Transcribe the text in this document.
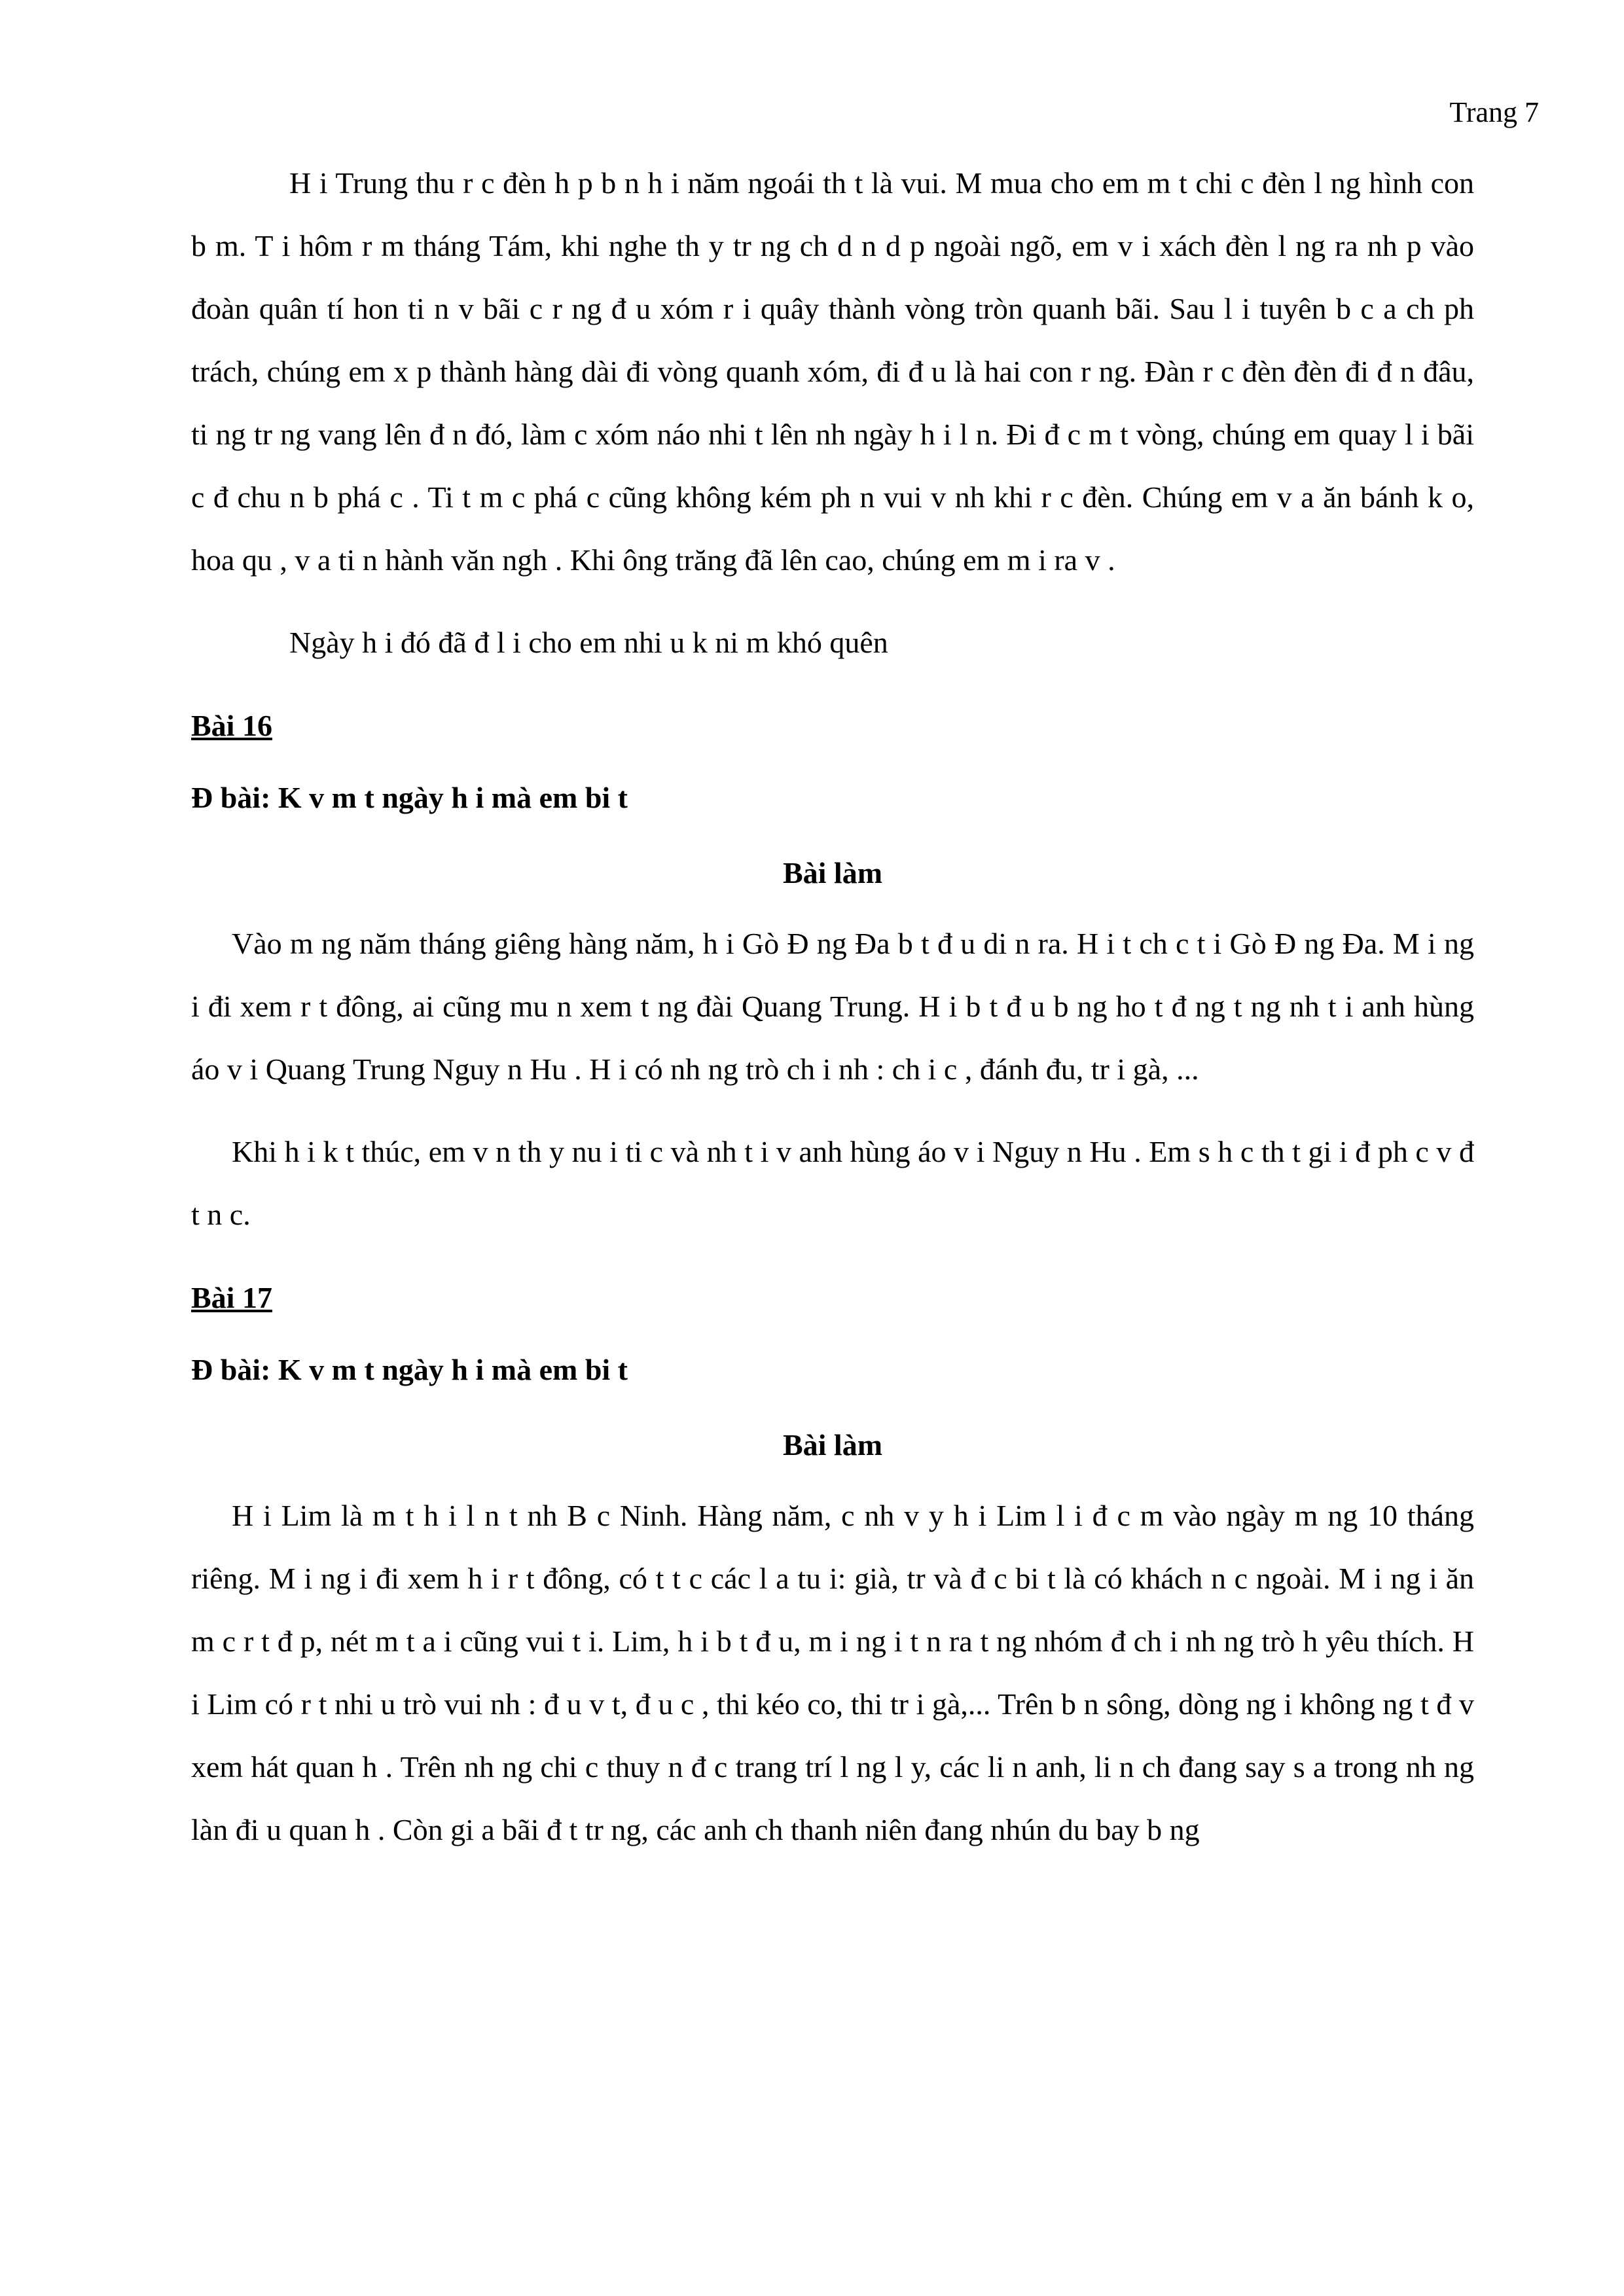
Trang 7

H i Trung thu r c đèn h p b n h i năm ngoái th t là vui. M mua cho em m t chi c đèn l ng hình con b m. T i hôm r m tháng Tám, khi nghe th y tr ng ch d n d p ngoài ngõ, em v i xách đèn l ng ra nh p vào đoàn quân tí hon ti n v bãi c r ng đ u xóm r i quây thành vòng tròn quanh bãi. Sau l i tuyên b c a ch ph trách, chúng em x p thành hàng dài đi vòng quanh xóm, đi đ u là hai con r ng. Đàn r c đèn đèn đi đ n đâu, ti ng tr ng vang lên đ n đó, làm c xóm náo nhi t lên nh ngày h i l n. Đi đ c m t vòng, chúng em quay l i bãi c đ chu n b phá c . Ti t m c phá c cũng không kém ph n vui v nh khi r c đèn. Chúng em v a ăn bánh k o, hoa qu , v a ti n hành văn ngh . Khi ông trăng đã lên cao, chúng em m i ra v .

Ngày h i đó đã đ l i cho em nhi u k ni m khó quên

Bài 16
Đ bài: K v m t ngày h i mà em bi t
Bài làm

Vào m ng năm tháng giêng hàng năm, h i Gò Đ ng Đa b t đ u di n ra. H i t ch c t i Gò Đ ng Đa. M i ng i đi xem r t đông, ai cũng mu n xem t ng đài Quang Trung. H i b t đ u b ng ho t đ ng t ng nh t i anh hùng áo v i Quang Trung Nguy n Hu . H i có nh ng trò ch i nh : ch i c , đánh đu, tr i gà, ...

Khi h i k t thúc, em v n th y nu i ti c và nh t i v anh hùng áo v i Nguy n Hu . Em s h c th t gi i đ ph c v đ t n c.

Bài 17
Đ bài: K v m t ngày h i mà em bi t
Bài làm

H i Lim là m t h i l n t nh B c Ninh. Hàng năm, c nh v y h i Lim l i đ c m vào ngày m ng 10 tháng riêng. M i ng i đi xem h i r t đông, có t t c các l a tu i: già, tr và đ c bi t là có khách n c ngoài. M i ng i ăn m c r t đ p, nét m t a i cũng vui t i. Lim, h i b t đ u, m i ng i t n ra t ng nhóm đ ch i nh ng trò h yêu thích. H i Lim có r t nhi u trò vui nh : đ u v t, đ u c , thi kéo co, thi tr i gà,... Trên b n sông, dòng ng i không ng t đ v xem hát quan h . Trên nh ng chi c thuy n đ c trang trí l ng l y, các li n anh, li n ch đang say s a trong nh ng làn đi u quan h . Còn gi a bãi đ t tr ng, các anh ch thanh niên đang nhún du bay b ng
